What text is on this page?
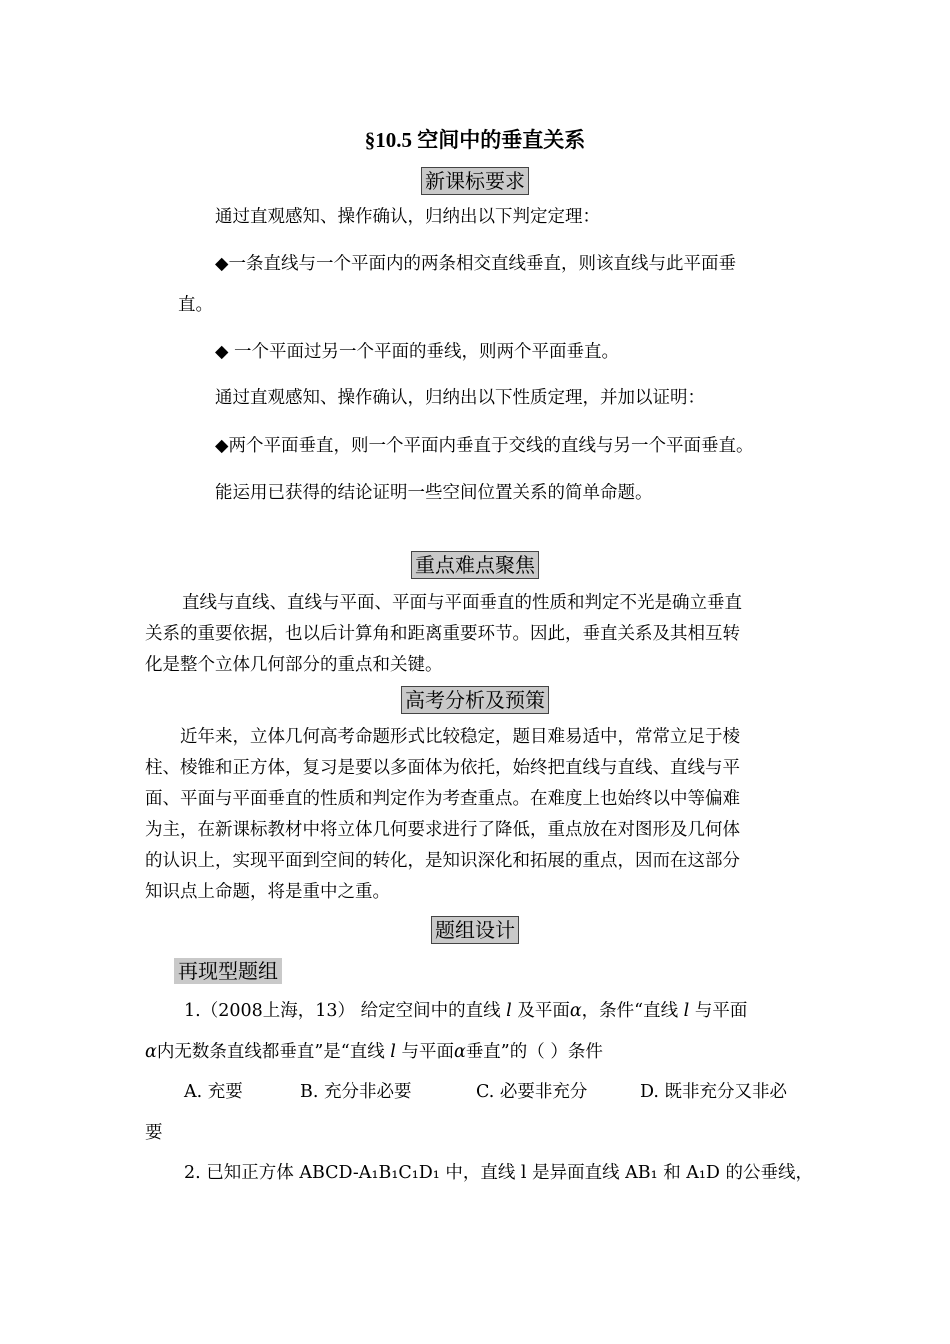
§10.5 空间中的垂直关系
新课标要求
通过直观感知、操作确认，归纳出以下判定定理：
◆一条直线与一个平面内的两条相交直线垂直，则该直线与此平面垂
直。
◆ 一个平面过另一个平面的垂线，则两个平面垂直。
通过直观感知、操作确认，归纳出以下性质定理，并加以证明：
◆两个平面垂直，则一个平面内垂直于交线的直线与另一个平面垂直。
能运用已获得的结论证明一些空间位置关系的简单命题。
重点难点聚焦
直线与直线、直线与平面、平面与平面垂直的性质和判定不光是确立垂直
关系的重要依据，也以后计算角和距离重要环节。因此，垂直关系及其相互转
化是整个立体几何部分的重点和关键。
高考分析及预策
近年来，立体几何高考命题形式比较稳定，题目难易适中，常常立足于棱
柱、棱锥和正方体，复习是要以多面体为依托，始终把直线与直线、直线与平
面、平面与平面垂直的性质和判定作为考查重点。在难度上也始终以中等偏难
为主，在新课标教材中将立体几何要求进行了降低，重点放在对图形及几何体
的认识上，实现平面到空间的转化，是知识深化和拓展的重点，因而在这部分
知识点上命题，将是重中之重。
题组设计
再现型题组
1.（2008上海，13） 给定空间中的直线 l 及平面α，条件“直线 l 与平面
α内无数条直线都垂直”是“直线 l 与平面α垂直”的（ ）条件
A. 充要	B. 充分非必要	C. 必要非充分	D. 既非充分又非必
要
2. 已知正方体 ABCD-A₁B₁C₁D₁ 中，直线 l 是异面直线 AB₁ 和 A₁D 的公垂线，
